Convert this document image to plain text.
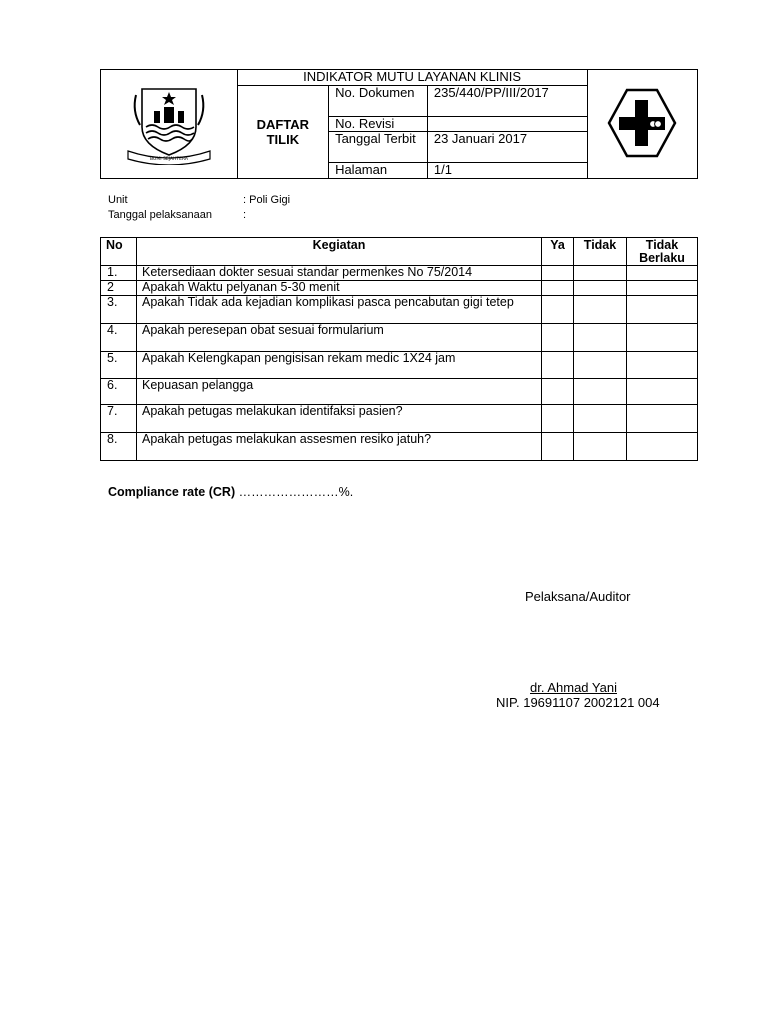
BUMI SEJAHTERA	INDIKATOR MUTU LAYANAN KLINIS	

	DAFTAR
TILIK	No. Dokumen	235/440/PP/III/2017	
		No. Revisi		
		Tanggal Terbit	23 Januari 2017	
		Halaman	1/1	
Unit	: Poli Gigi
Tanggal pelaksanaan	:
No	Kegiatan	Ya	Tidak	Tidak Berlaku
1.	Ketersediaan dokter sesuai standar permenkes No 75/2014			
2	Apakah Waktu pelyanan 5-30 menit			
3.	Apakah Tidak ada kejadian komplikasi pasca pencabutan gigi tetep			
4.	Apakah peresepan obat sesuai formularium			
5.	Apakah Kelengkapan pengisisan rekam medic 1X24 jam			
6.	Kepuasan pelangga			
7.	Apakah petugas melakukan identifaksi pasien?			
8.	Apakah petugas melakukan assesmen resiko jatuh?			
Compliance rate (CR) ……………………%.
Pelaksana/Auditor
dr. Ahmad Yani
NIP. 19691107 2002121 004
